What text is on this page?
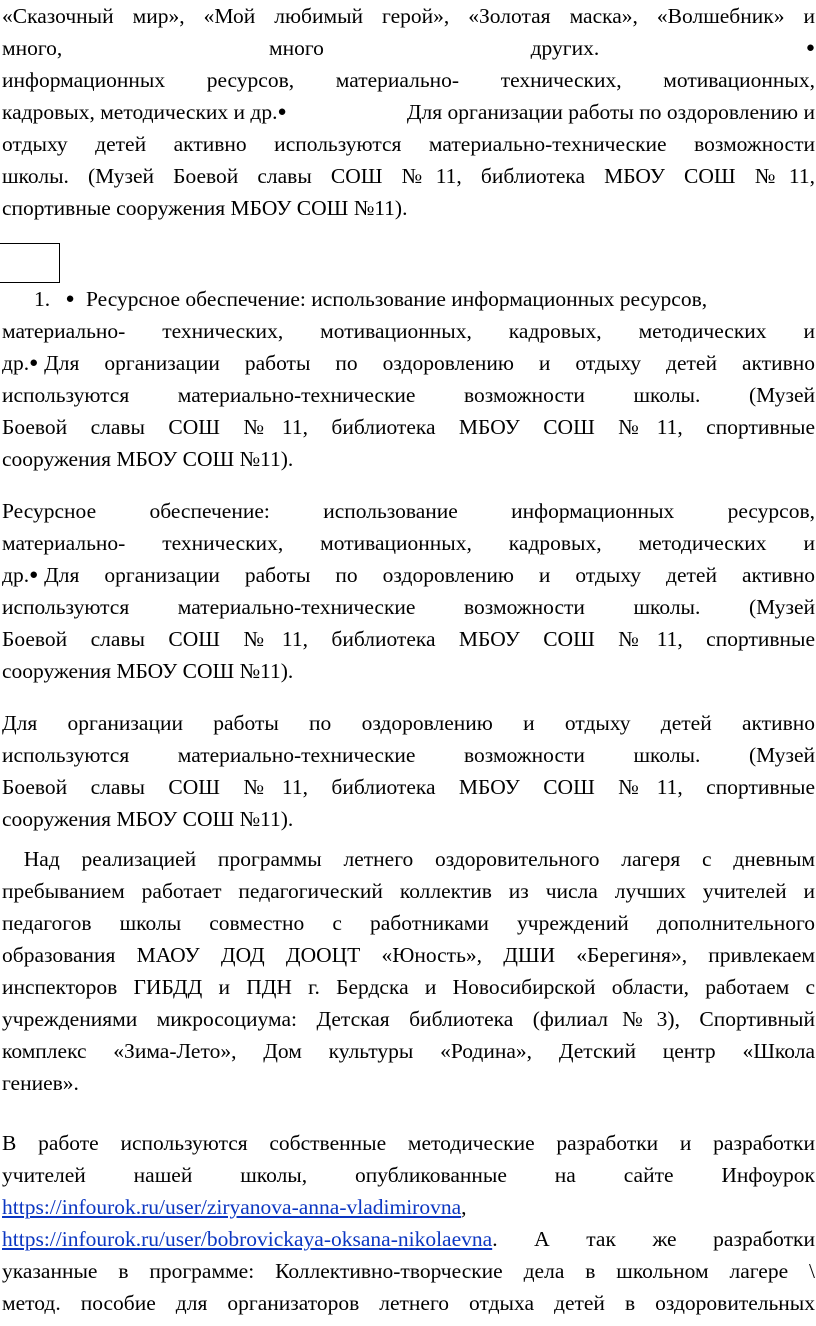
«Сказочный мир», «Мой любимый герой», «Золотая маска», «Волшебник» и
много,	много	других.	●
информационных ресурсов, материально- технических, мотивационных,
кадровых, методических и др.●	Для организации работы по оздоровлению и
отдыху детей активно используются материально-технические возможности
школы. (Музей Боевой славы СОШ №11, библиотека МБОУ СОШ №11,
спортивные сооружения МБОУ СОШ №11).
1. ● Ресурсное обеспечение: использование информационных ресурсов,
материально- технических, мотивационных, кадровых, методических и
др.● Для организации работы по оздоровлению и отдыху детей активно
используются материально-технические возможности школы. (Музей
Боевой славы СОШ №11, библиотека МБОУ СОШ №11, спортивные
сооружения МБОУ СОШ №11).
Ресурсное обеспечение: использование информационных ресурсов,
материально- технических, мотивационных, кадровых, методических и
др.● Для организации работы по оздоровлению и отдыху детей активно
используются материально-технические возможности школы. (Музей
Боевой славы СОШ №11, библиотека МБОУ СОШ №11, спортивные
сооружения МБОУ СОШ №11).
Для организации работы по оздоровлению и отдыху детей активно
используются материально-технические возможности школы. (Музей
Боевой славы СОШ №11, библиотека МБОУ СОШ №11, спортивные
сооружения МБОУ СОШ №11).
Над реализацией программы летнего оздоровительного лагеря с дневным
пребыванием работает педагогический коллектив из числа лучших учителей и
педагогов школы совместно с работниками учреждений дополнительного
образования МАОУ ДОД ДООЦТ «Юность», ДШИ «Берегиня», привлекаем
инспекторов ГИБДД и ПДН г. Бердска и Новосибирской области, работаем с
учреждениями микросоциума: Детская библиотека (филиал№3), Спортивный
комплекс «Зима-Лето», Дом культуры «Родина», Детский центр «Школа
гениев».
В работе используются собственные методические разработки и разработки
учителей нашей школы, опубликованные на сайте Инфоурок
https://infourok.ru/user/ziryanova-anna-vladimirovna,
https://infourok.ru/user/bobrovickaya-oksana-nikolaevna . А так же разработки
указанные в программе: Коллективно-творческие дела в школьном лагере \
метод. пособие для организаторов летнего отдыха детей в оздоровительных
